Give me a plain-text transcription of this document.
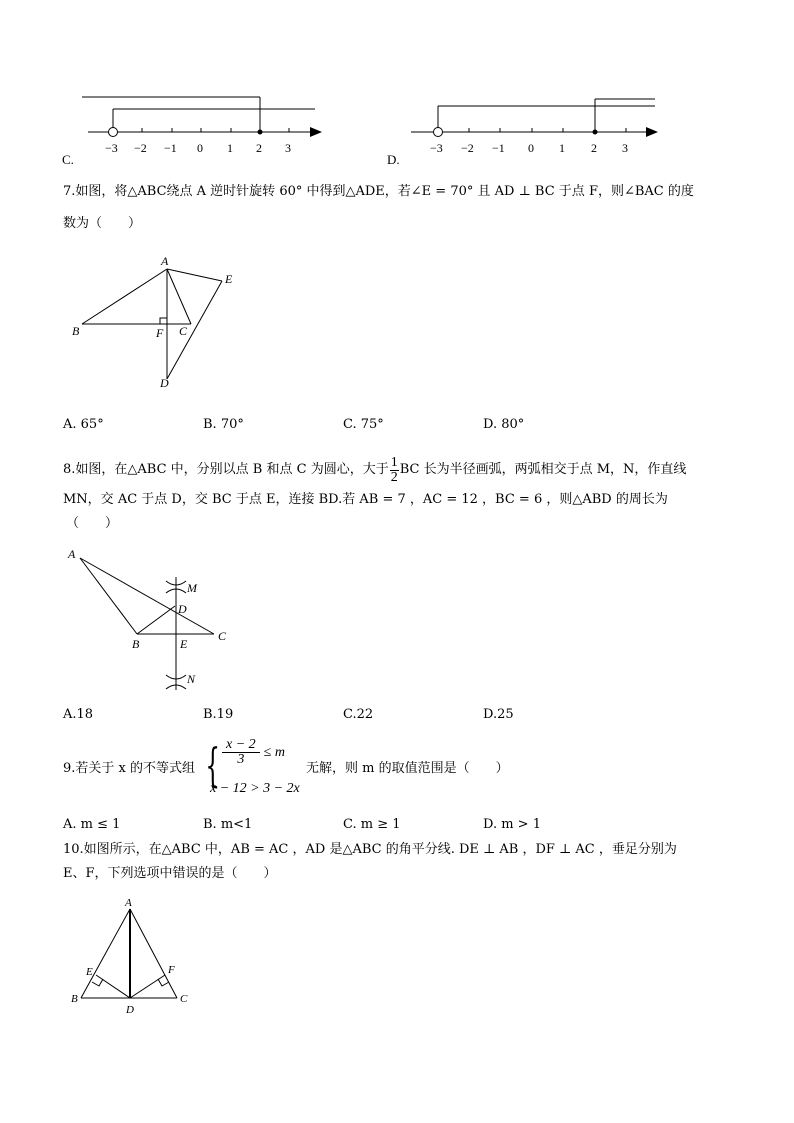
−3 −2 −1 0 1 2 3
C.
−3 −2 −1 0 1 2 3
D.
7.如图，将△ABC绕点 A 逆时针旋转 60° 中得到△ADE，若∠E = 70° 且 AD ⊥ BC 于点 F，则∠BAC 的度
数为（　　）
A
E
B	F C
D
A. 65°	B. 70°	C. 75°	D. 80°
8.如图，在△ABC 中，分别以点 B 和点 C 为圆心，大于 $\frac{1}{2}$ BC 长为半径画弧，两弧相交于点 M，N，作直线
MN，交 AC 于点 D，交 BC 于点 E，连接 BD.若 AB = 7 ，AC = 12 ，BC = 6 ，则△ABD 的周长为
（　　）
A
M
D
C
B	E
N
A.18	B.19	C.22	D.25
9.若关于 x 的不等式组 { $\frac{x - 2}{3} \le m$
x − 12 > 3 − 2x
无解，则 m 的取值范围是（　　）
A. m ≤ 1	B. m<1	C. m ≥ 1	D. m > 1
10.如图所示，在△ABC 中，AB = AC ，AD 是△ABC 的角平分线. DE ⊥ AB ，DF ⊥ AC ，垂足分别为
E、F，下列选项中错误的是（　　）
A
E	F
B
D
C
